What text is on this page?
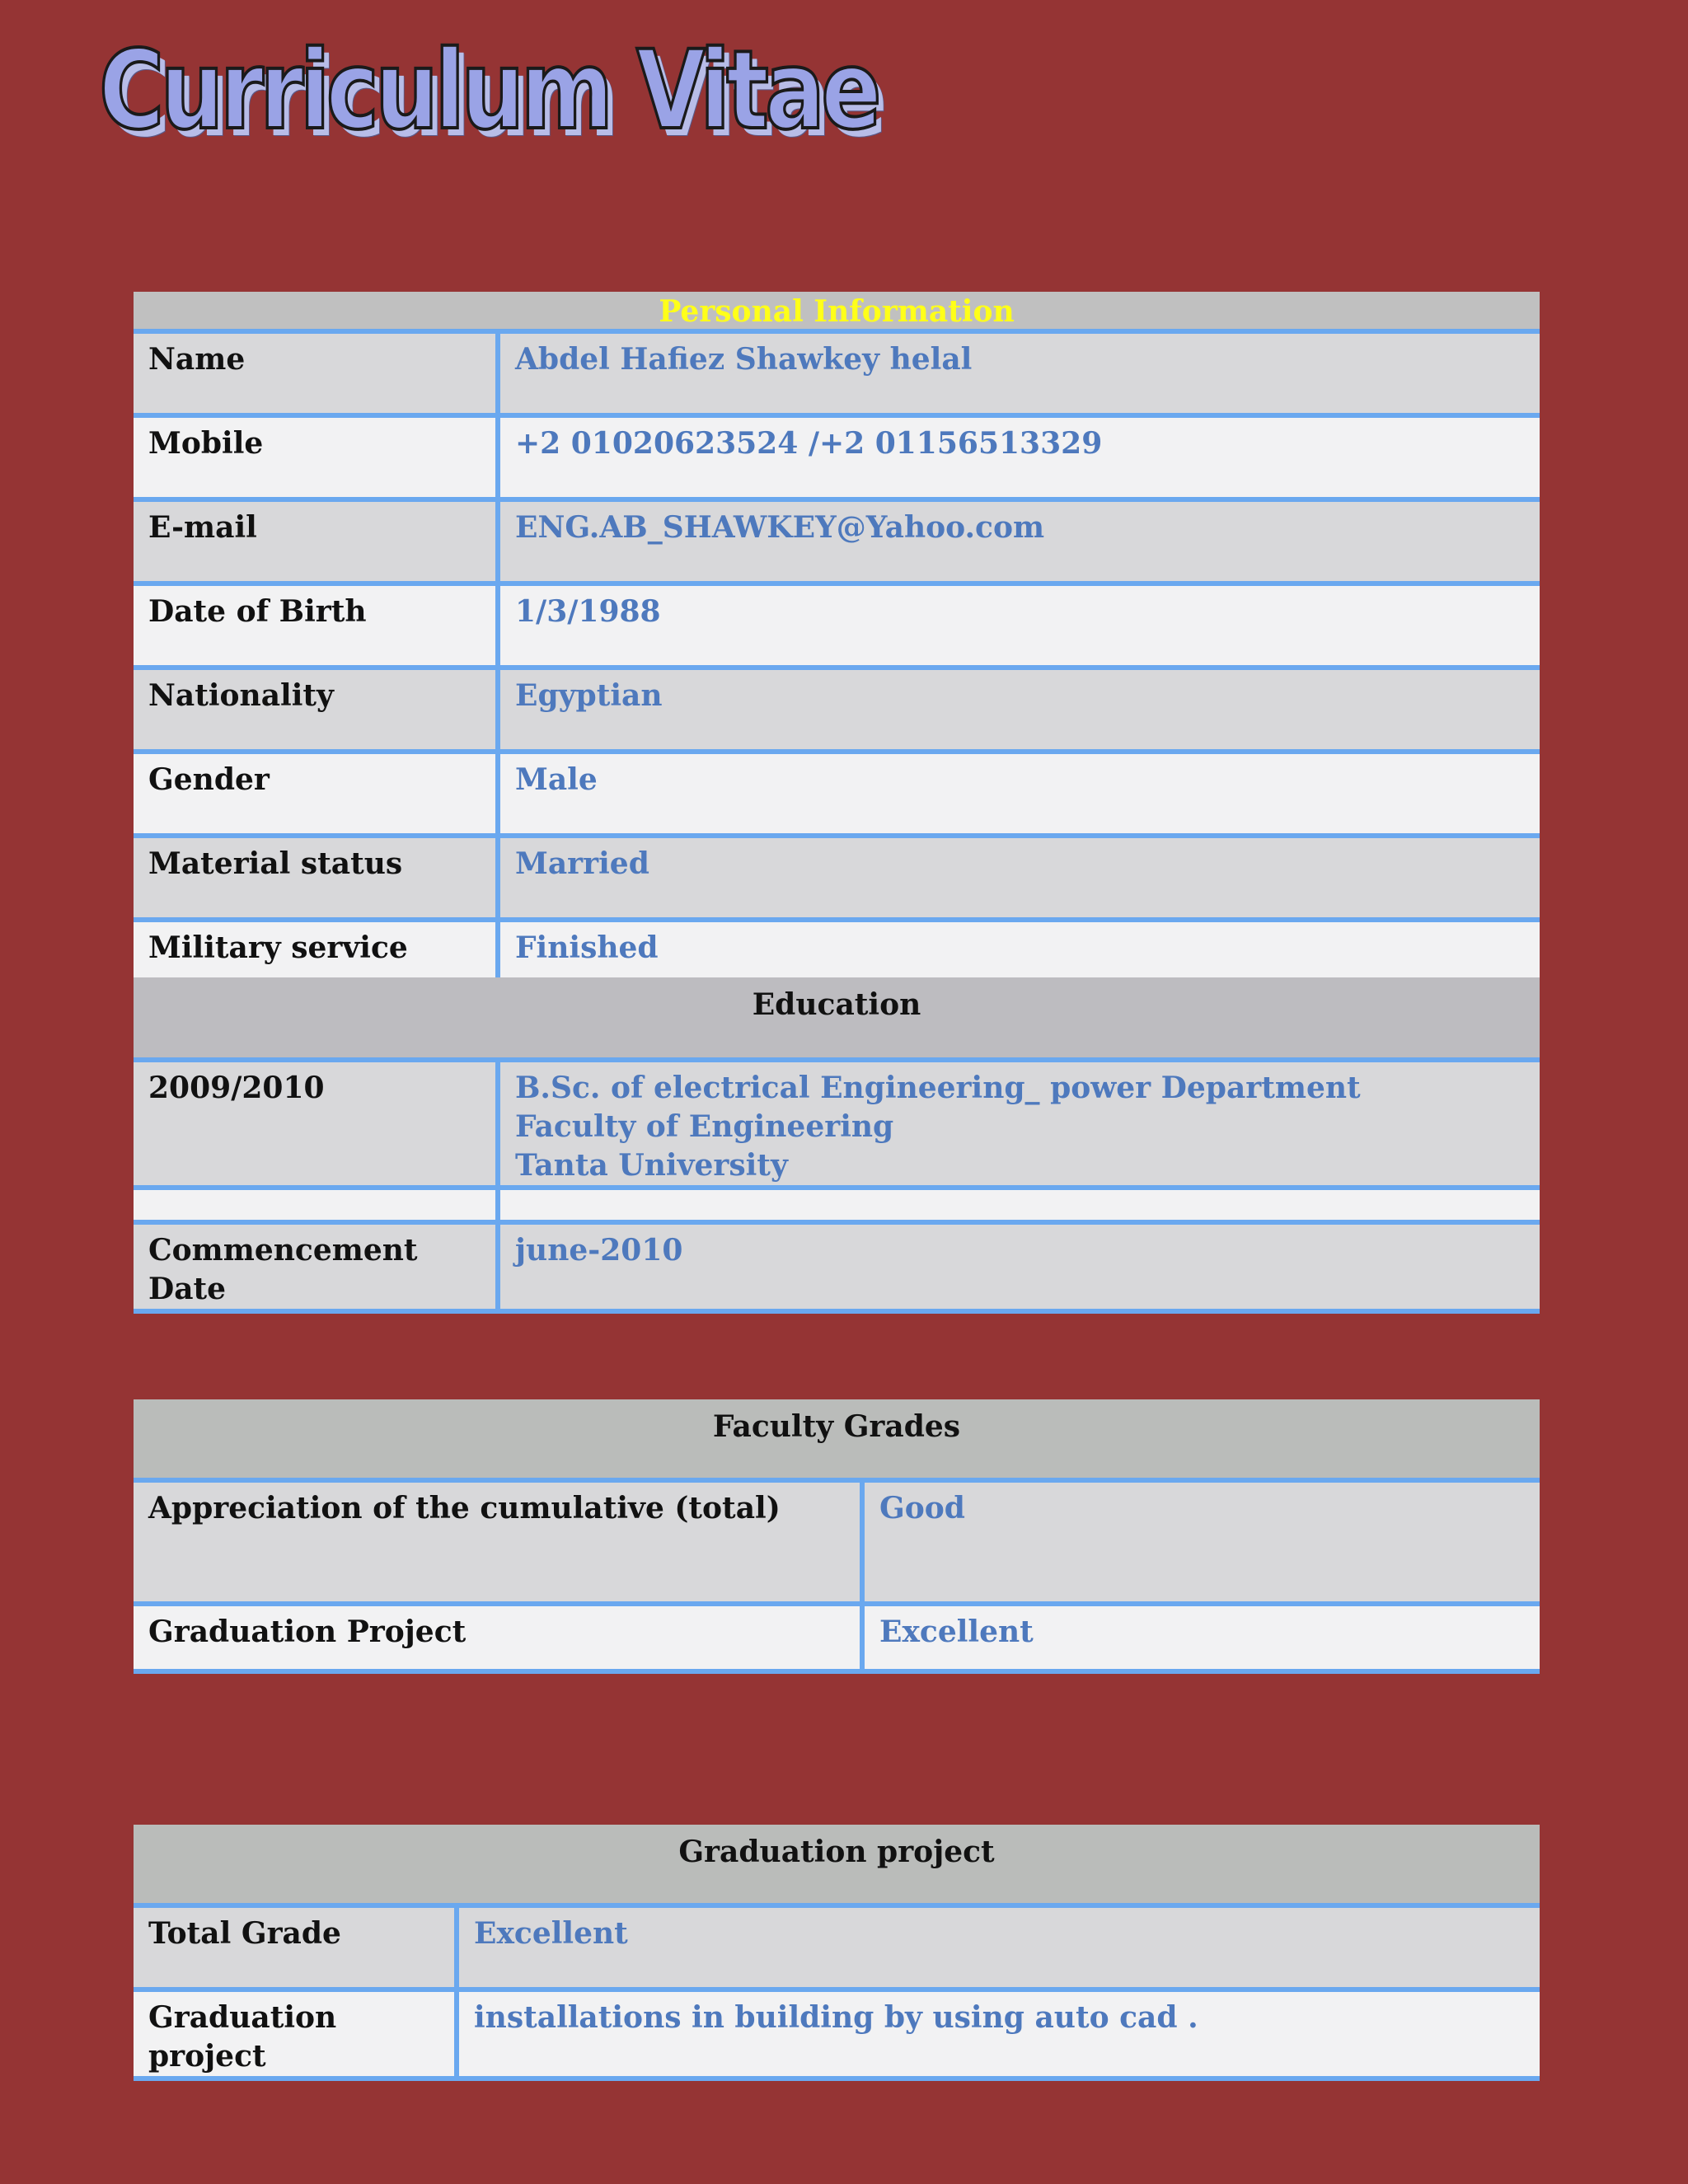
Curriculum Vitae
Personal Information	
Name	Abdel Hafiez Shawkey helal
Mobile	+2 01020623524 /+2 01156513329
E-mail	ENG.AB_SHAWKEY@Yahoo.com
Date of Birth	1/3/1988
Nationality	Egyptian
Gender	Male
Material status	Married
Military service	Finished
Education	
2009/2010	B.Sc. of electrical Engineering_ power Department
Faculty of Engineering
Tanta University

Commencement Date	june-2010
Faculty Grades	
Appreciation of the cumulative (total)	Good
Graduation Project	Excellent
Graduation project	
Total Grade	Excellent
Graduation project	installations in building by using auto cad .
